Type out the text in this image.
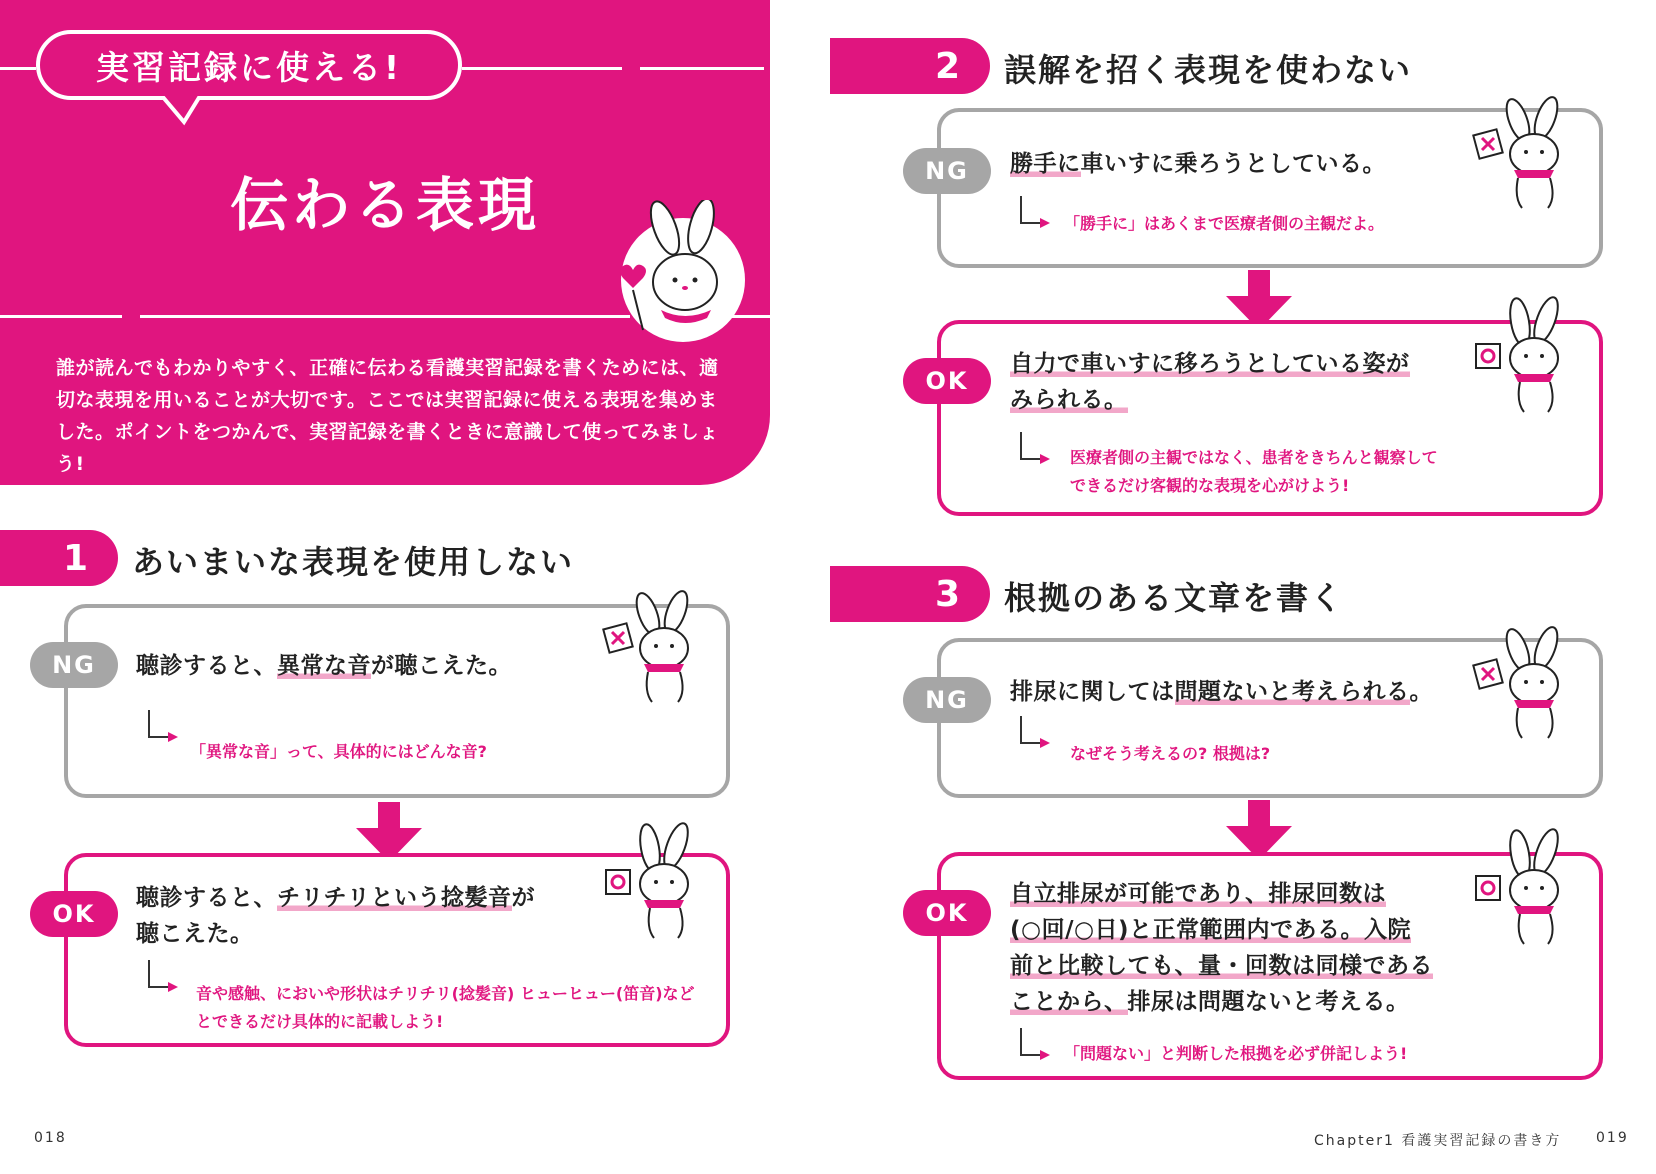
実習記録に使える!
伝わる表現
誰が読んでもわかりやすく、正確に伝わる看護実習記録を書くためには、適
切な表現を用いることが大切です。ここでは実習記録に使える表現を集めま
した。ポイントをつかんで、実習記録を書くときに意識して使ってみましょう!
1	あいまいな表現を使用しない
NG	聴診すると、異常な音が聴こえた。
「異常な音」って、具体的にはどんな音?
OK
聴診すると、チリチリという捻髪音が
聴こえた。
音や感触、においや形状はチリチリ(捻髪音) ヒューヒュー(笛音)など
とできるだけ具体的に記載しよう!
2	誤解を招く表現を使わない
NG	勝手に車いすに乗ろうとしている。
「勝手に」はあくまで医療者側の主観だよ。
OK
自力で車いすに移ろうとしている姿が
みられる。
医療者側の主観ではなく、患者をきちんと観察して
できるだけ客観的な表現を心がけよう!
3	根拠のある文章を書く
NG	排尿に関しては問題ないと考えられる。
なぜそう考えるの? 根拠は?
OK
自立排尿が可能であり、排尿回数は
(○回/○日)と正常範囲内である。入院
前と比較しても、量・回数は同様である
ことから、排尿は問題ないと考える。
「問題ない」と判断した根拠を必ず併記しよう!
018	Chapter1 看護実習記録の書き方 019
